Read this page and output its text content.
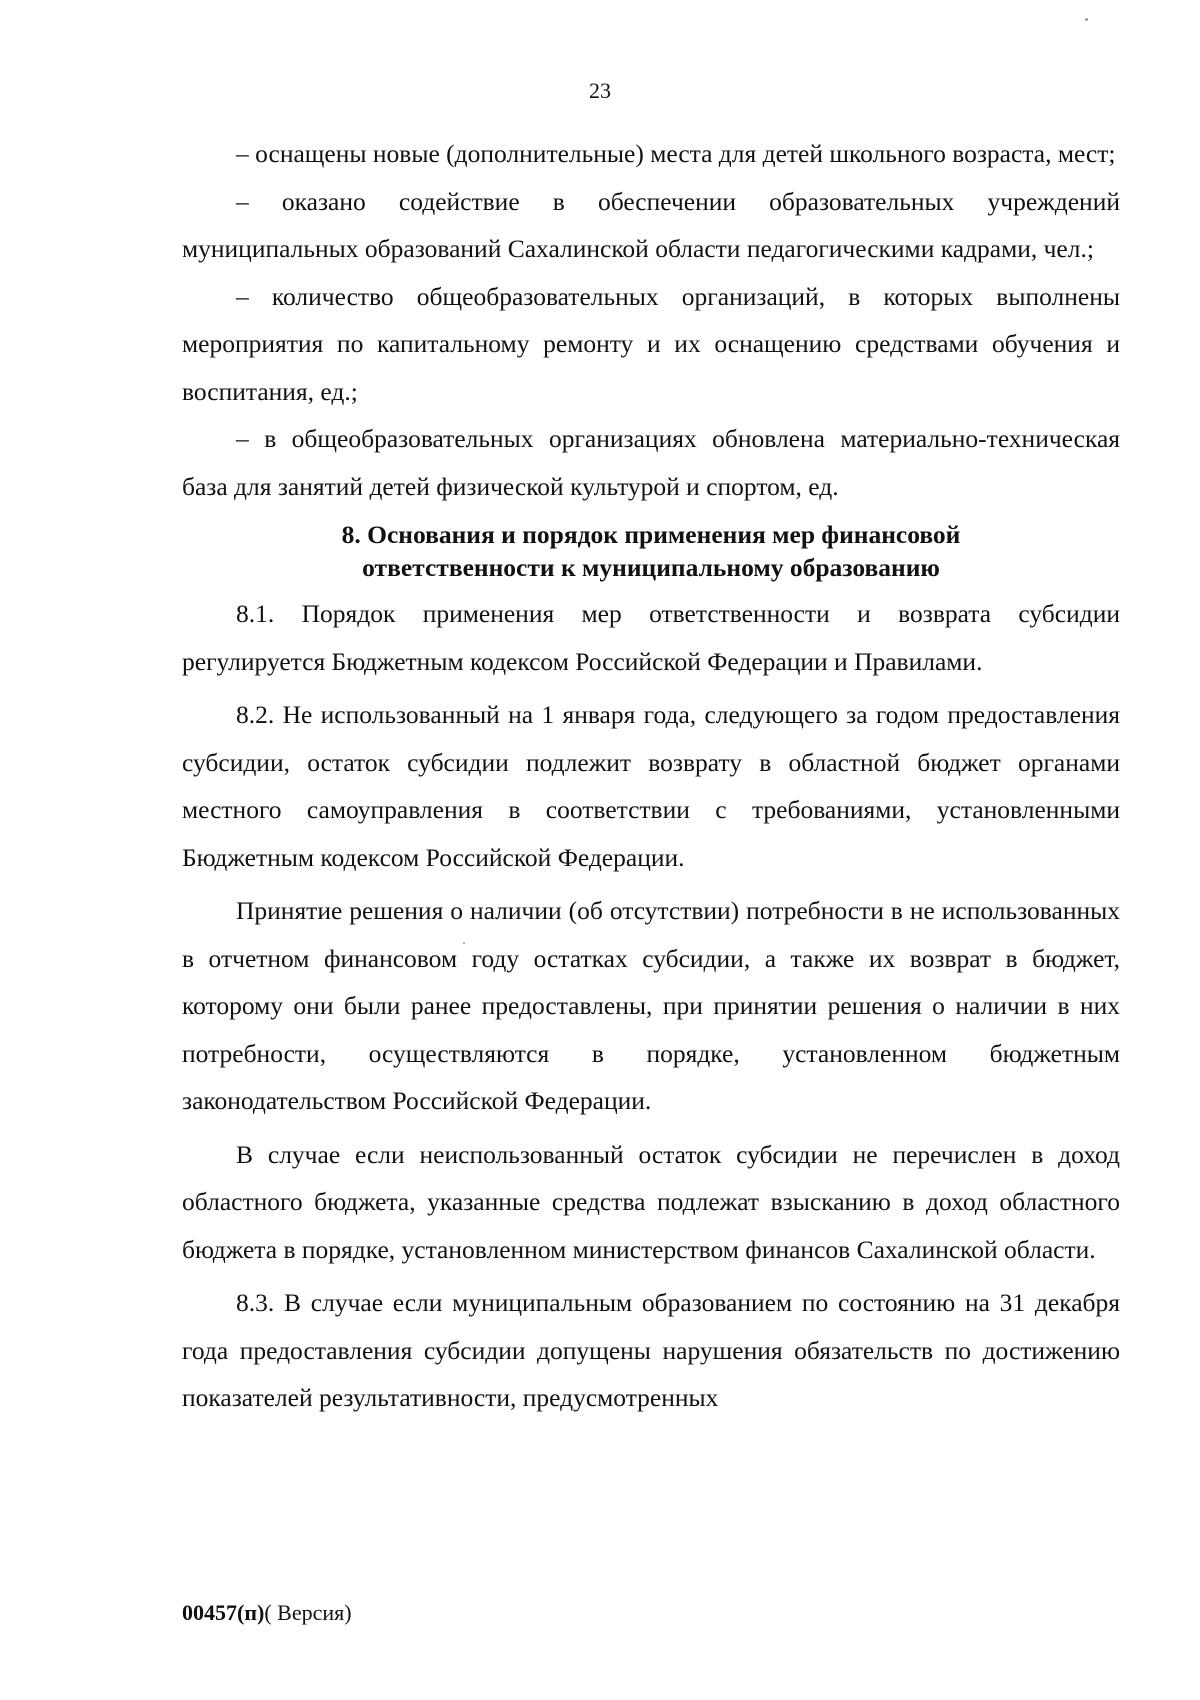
23

– оснащены новые (дополнительные) места для детей школьного возраста, мест;

– оказано содействие в обеспечении образовательных учреждений муниципальных образований Сахалинской области педагогическими кадрами, чел.;

– количество общеобразовательных организаций, в которых выполнены мероприятия по капитальному ремонту и их оснащению средствами обучения и воспитания, ед.;

– в общеобразовательных организациях обновлена материально-техническая база для занятий детей физической культурой и спортом, ед.

8. Основания и порядок применения мер финансовой
ответственности к муниципальному образованию

8.1. Порядок применения мер ответственности и возврата субсидии регулируется Бюджетным кодексом Российской Федерации и Правилами.

8.2. Не использованный на 1 января года, следующего за годом предоставления субсидии, остаток субсидии подлежит возврату в областной бюджет органами местного самоуправления в соответствии с требованиями, установленными Бюджетным кодексом Российской Федерации.

Принятие решения о наличии (об отсутствии) потребности в не использованных в отчетном финансовом году остатках субсидии, а также их возврат в бюджет, которому они были ранее предоставлены, при принятии решения о наличии в них потребности, осуществляются в порядке, установленном бюджетным законодательством Российской Федерации.

В случае если неиспользованный остаток субсидии не перечислен в доход областного бюджета, указанные средства подлежат взысканию в доход областного бюджета в порядке, установленном министерством финансов Сахалинской области.

8.3. В случае если муниципальным образованием по состоянию на 31 декабря года предоставления субсидии допущены нарушения обязательств по достижению показателей результативности, предусмотренных

00457(п)( Версия)
